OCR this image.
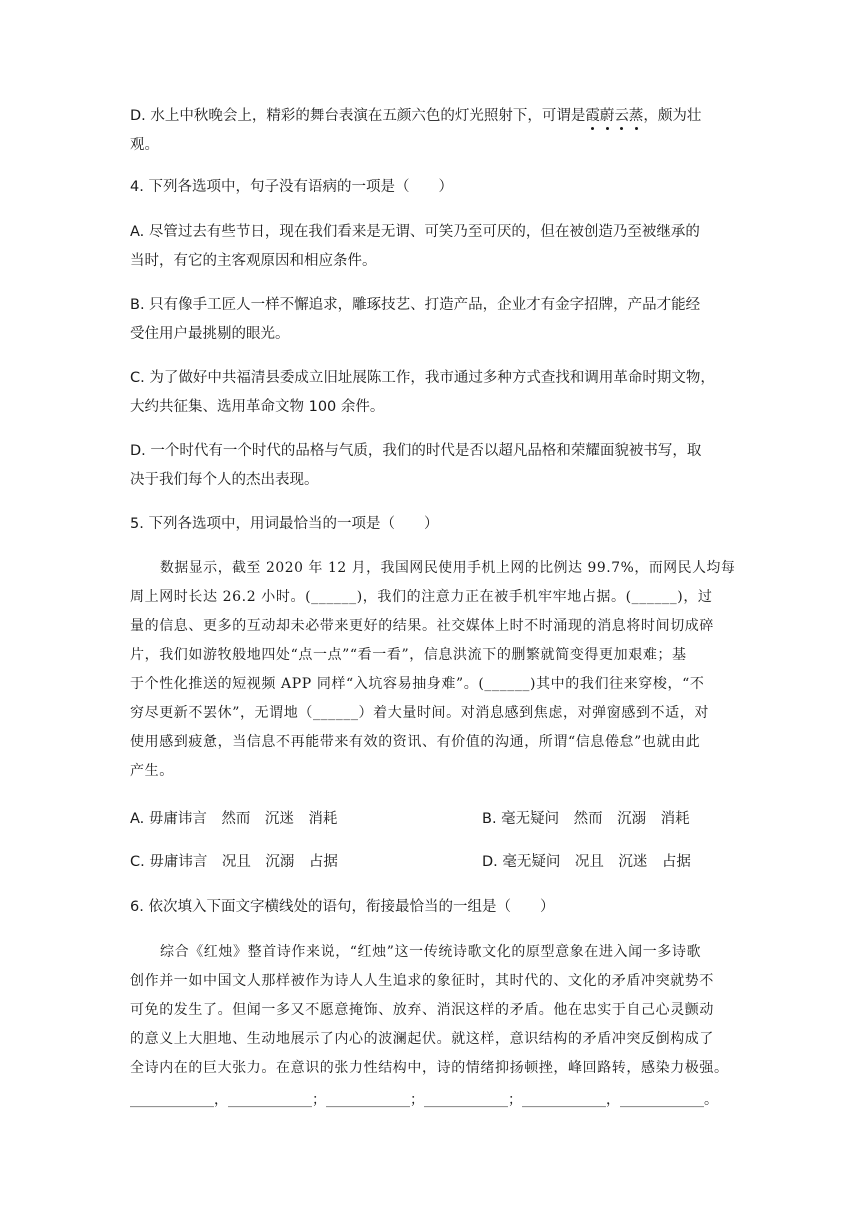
D. 水上中秋晚会上，精彩的舞台表演在五颜六色的灯光照射下，可谓是霞蔚云蒸，颇为壮
观。
4. 下列各选项中，句子没有语病的一项是（　　）
A. 尽管过去有些节日，现在我们看来是无谓、可笑乃至可厌的，但在被创造乃至被继承的
当时，有它的主客观原因和相应条件。
B. 只有像手工匠人一样不懈追求，雕琢技艺、打造产品，企业才有金字招牌，产品才能经
受住用户最挑剔的眼光。
C. 为了做好中共福清县委成立旧址展陈工作，我市通过多种方式查找和调用革命时期文物，
大约共征集、选用革命文物 100 余件。
D. 一个时代有一个时代的品格与气质，我们的时代是否以超凡品格和荣耀面貌被书写，取
决于我们每个人的杰出表现。
5. 下列各选项中，用词最恰当的一项是（　　）
数据显示，截至 2020 年 12 月，我国网民使用手机上网的比例达 99.7%，而网民人均每
周上网时长达 26.2 小时。(______)，我们的注意力正在被手机牢牢地占据。(______)，过
量的信息、更多的互动却未必带来更好的结果。社交媒体上时不时涌现的消息将时间切成碎
片，我们如游牧般地四处“点一点”“看一看”，信息洪流下的删繁就简变得更加艰难；基
于个性化推送的短视频 APP 同样“入坑容易抽身难”。(______)其中的我们往来穿梭，“不
穷尽更新不罢休”，无谓地（______）着大量时间。对消息感到焦虑，对弹窗感到不适，对
使用感到疲惫，当信息不再能带来有效的资讯、有价值的沟通，所谓“信息倦怠”也就由此
产生。
A. 毋庸讳言　然而　沉迷　消耗	B. 毫无疑问　然而　沉溺　消耗
C. 毋庸讳言　况且　沉溺　占据	D. 毫无疑问　况且　沉迷　占据
6. 依次填入下面文字横线处的语句，衔接最恰当的一组是（　　）
综合《红烛》整首诗作来说，“红烛”这一传统诗歌文化的原型意象在进入闻一多诗歌
创作并一如中国文人那样被作为诗人人生追求的象征时，其时代的、文化的矛盾冲突就势不
可免的发生了。但闻一多又不愿意掩饰、放弃、消泯这样的矛盾。他在忠实于自己心灵颤动
的意义上大胆地、生动地展示了内心的波澜起伏。就这样，意识结构的矛盾冲突反倒构成了
全诗内在的巨大张力。在意识的张力性结构中，诗的情绪抑扬顿挫，峰回路转，感染力极强。
____________，____________；____________；____________；____________，____________。
